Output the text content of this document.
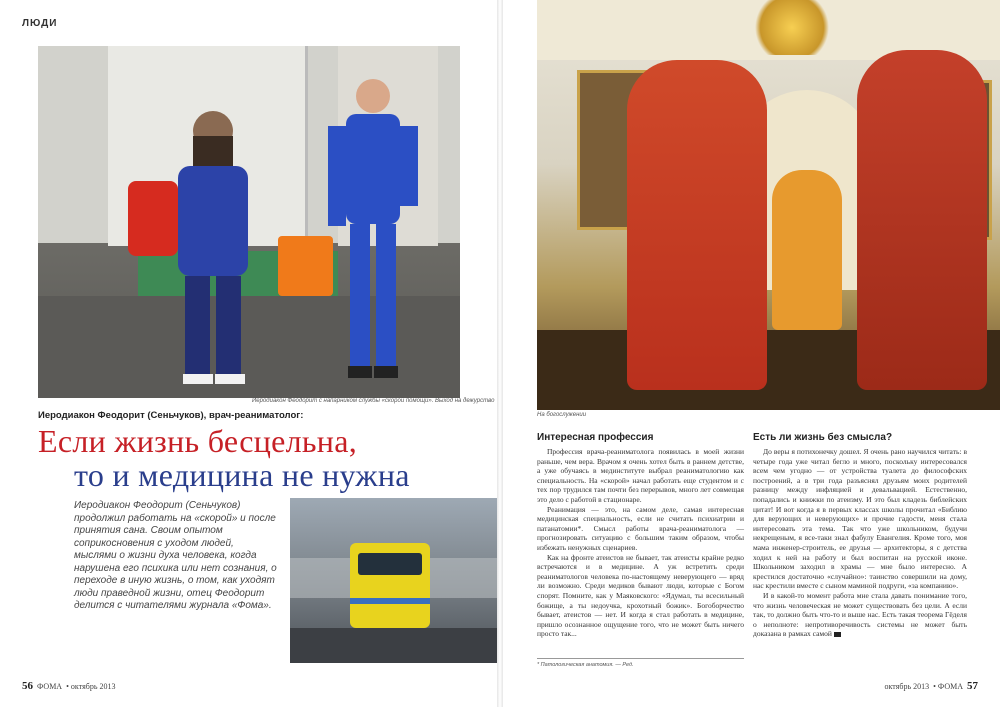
ЛЮДИ
Иеродиакон Феодорит с напарником службы «скорой помощи». Выход на дежурство
Иеродиакон Феодорит (Сеньчуков), врач-реаниматолог:
Если жизнь бесцельна,
то и медицина не нужна
Иеродиакон Феодорит (Сеньчуков) продолжил работать на «скорой» и после принятия сана. Своим опытом соприкосновения с уходом людей, мыслями о жизни духа человека, когда нарушена его психика или нет сознания, о переходе в иную жизнь, о том, как уходят люди праведной жизни, отец Феодорит делится с читателями журнала «Фома».
56 ФОМА  • октябрь 2013
На богослужении
Интересная профессия

Профессия врача-реаниматолога появилась в моей жизни раньше, чем вера. Врачом я очень хотел быть в раннем детстве, а уже обучаясь в мединституте выбрал реаниматологию как специальность. На «скорой» начал работать еще студентом и с тех пор трудился там почти без перерывов, много лет совмещая это дело с работой в стационаре.

Реанимация — это, на самом деле, самая интересная медицинская специальность, если не считать психиатрии и патанатомии*. Смысл работы врача-реаниматолога — прогнозировать ситуацию с большим таким образом, чтобы избежать ненужных сценариев.

Как на фронте атеистов не бывает, так атеисты крайне редко встречаются и в медицине. А уж встретить среди реаниматологов человека по-настоящему неверующего — вряд ли возможно. Среди медиков бывают люди, которые с Богом спорят. Помните, как у Маяковского: «Ядумал, ты всесильный божище, а ты недоучка, крохотный божик». Богоборчество бывает, атеистов — нет. И когда я стал работать в медицине, пришло осознанное ощущение того, что не может быть ничего просто так...

Есть ли жизнь без смысла?

До веры я потихонечку дошел. Я очень рано научился читать: в четыре года уже читал бегло и много, поскольку интересовался всем чем угодно — от устройства туалета до философских построений, а в три года разъяснял друзьям моих родителей разницу между инфляцией и девальвацией. Естественно, попадались и книжки по атеизму. И это был кладезь библейских цитат! И вот когда я в первых классах школы прочитал «Библию для верующих и неверующих» и прочие гадости, меня стала интересовать эта тема. Так что уже школьником, будучи некрещеным, я все-таки знал фабулу Евангелия. Кроме того, моя мама инженер-строитель, ее друзья — архитекторы, я с детства ходил к ней на работу и был воспитан на русской иконе. Школьником заходил в храмы — мне было интересно. А крестился достаточно «случайно»: таинство совершили на дому, нас крестили вместе с сыном маминой подруги, «за компанию».

И в какой-то момент работа мне стала давать понимание того, что жизнь человеческая не может существовать без цели. А если так, то должно быть что-то и выше нас. Есть такая теорема Гёделя о неполноте: непротиворечивость системы не может быть доказана в рамках самой

* Патологическая анатомия. — Ред.
октябрь 2013  • ФОМА 57
